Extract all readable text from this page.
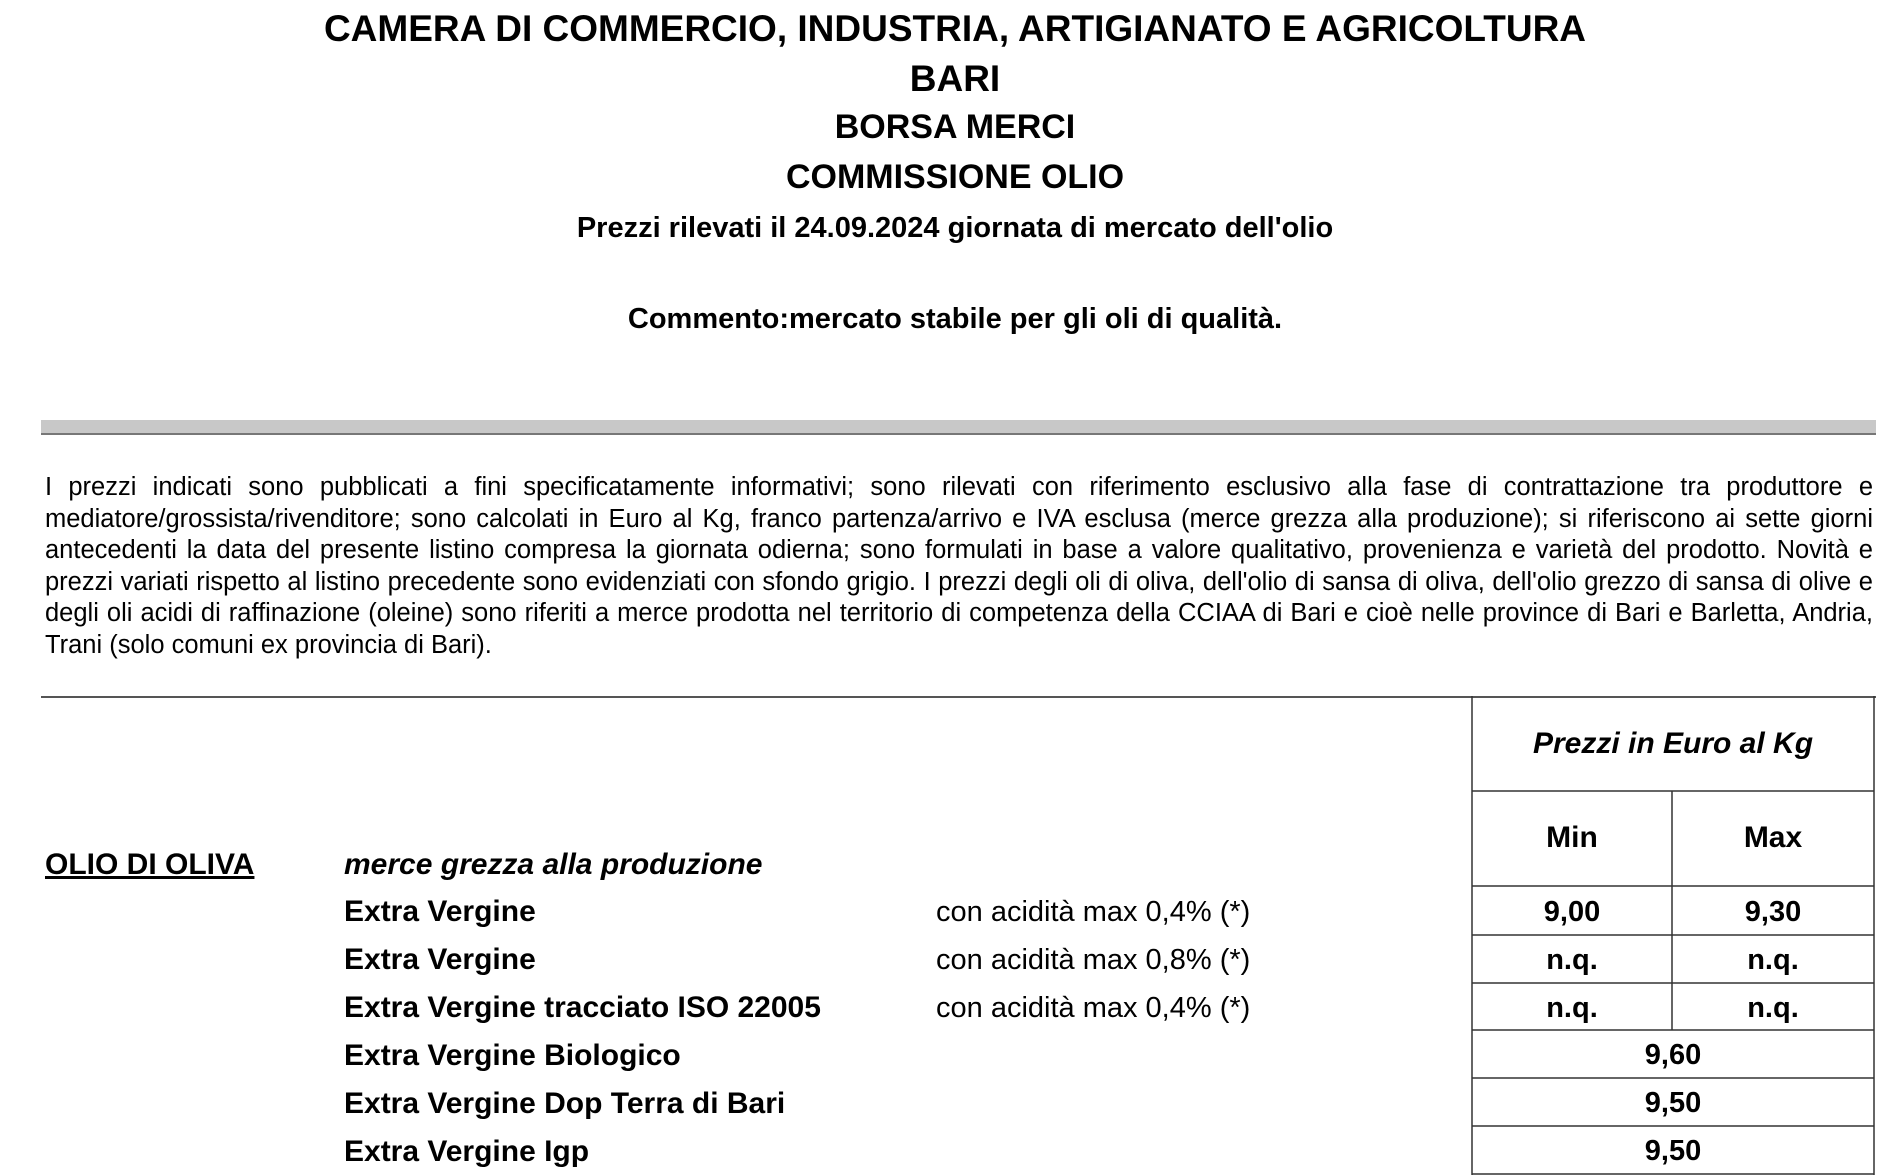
CAMERA DI COMMERCIO, INDUSTRIA, ARTIGIANATO E AGRICOLTURA
BARI
BORSA MERCI
COMMISSIONE OLIO
Prezzi rilevati il 24.09.2024 giornata di mercato dell'olio
Commento:mercato stabile per gli oli di qualità.
I prezzi indicati sono pubblicati a fini specificatamente informativi; sono rilevati con riferimento esclusivo alla fase di contrattazione tra produttore e mediatore/grossista/rivenditore; sono calcolati in Euro al Kg, franco partenza/arrivo e IVA esclusa (merce grezza alla produzione); si riferiscono ai sette giorni antecedenti la data del presente listino compresa la giornata odierna; sono formulati in base a valore qualitativo, provenienza e varietà del prodotto. Novità e prezzi variati rispetto al listino precedente sono evidenziati con sfondo grigio. I prezzi degli oli di oliva, dell'olio di sansa di oliva, dell'olio grezzo di sansa di olive e degli oli acidi di raffinazione (oleine) sono riferiti a merce prodotta nel territorio di competenza della CCIAA di Bari e cioè nelle province di Bari e Barletta, Andria, Trani (solo comuni ex provincia di Bari).
Prezzi in Euro al Kg
Min	Max
OLIO DI OLIVA	merce grezza alla produzione
Extra Vergine	con acidità max 0,4% (*)	9,00	9,30
Extra Vergine	con acidità max 0,8% (*)	n.q.	n.q.
Extra Vergine tracciato ISO 22005	con acidità max 0,4% (*)	n.q.	n.q.
Extra Vergine Biologico	9,60
Extra Vergine Dop Terra di Bari	9,50
Extra Vergine Igp	9,50
